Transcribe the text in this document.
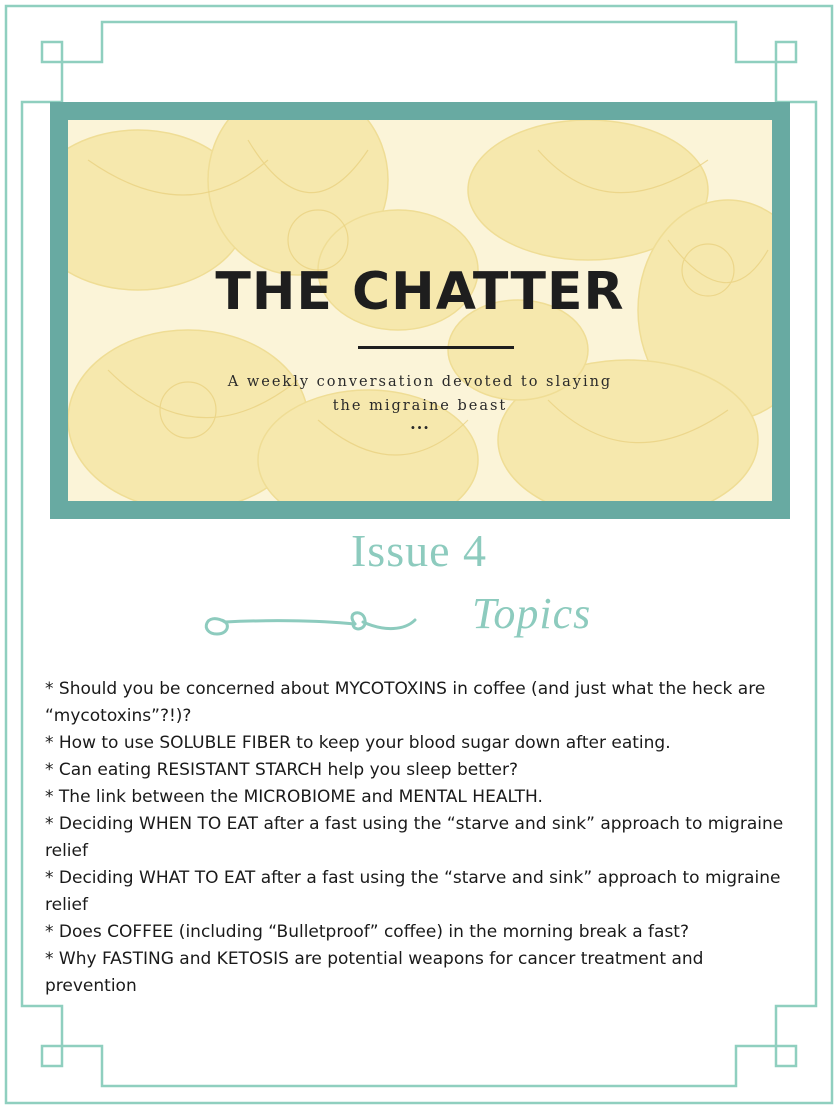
THE CHATTER
A weekly conversation devoted to slaying the migraine beast
...
Issue 4
Topics
* Should you be concerned about MYCOTOXINS in coffee (and just what the heck are “mycotoxins”?!)?
* How to use SOLUBLE FIBER to keep your blood sugar down after eating.
* Can eating RESISTANT STARCH help you sleep better?
* The link between the MICROBIOME and MENTAL HEALTH.
* Deciding WHEN TO EAT after a fast using the “starve and sink” approach to migraine relief
* Deciding WHAT TO EAT after a fast using the “starve and sink” approach to migraine relief
* Does COFFEE (including “Bulletproof” coffee) in the morning break a fast?
* Why FASTING and KETOSIS are potential weapons for cancer treatment and prevention
